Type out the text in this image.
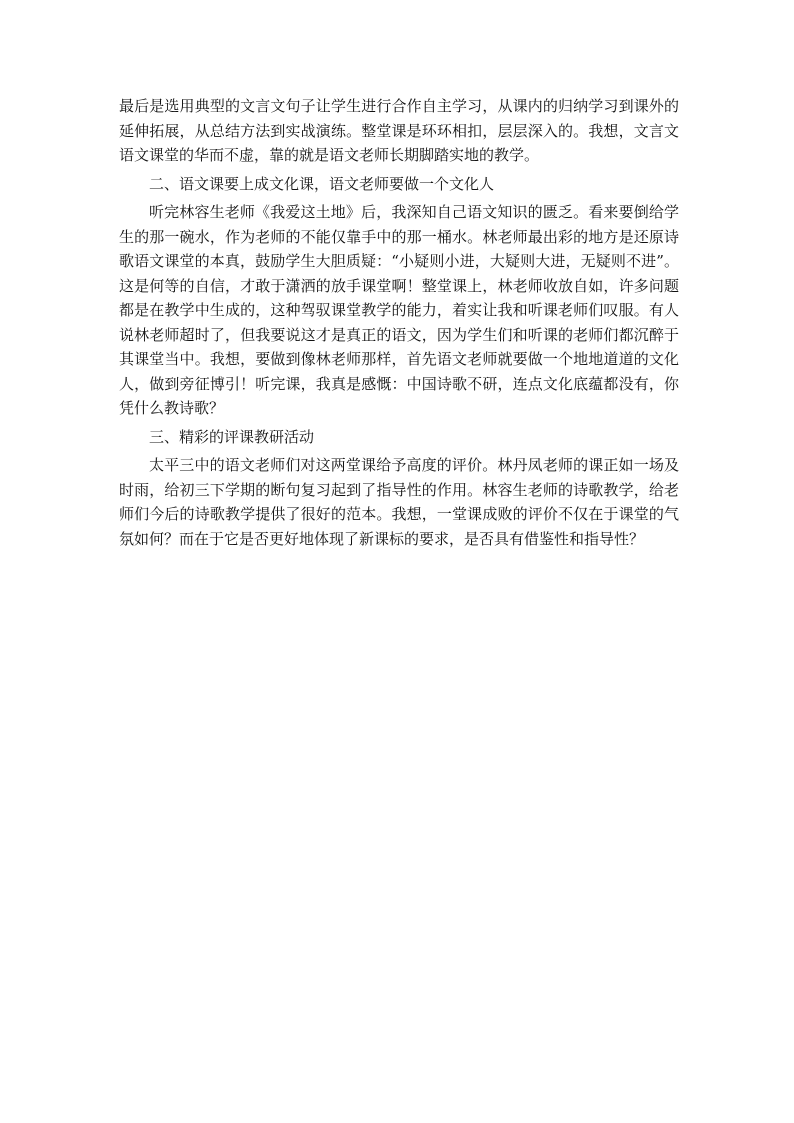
最后是选用典型的文言文句子让学生进行合作自主学习，从课内的归纳学习到课外的延伸拓展，从总结方法到实战演练。整堂课是环环相扣，层层深入的。我想，文言文语文课堂的华而不虚，靠的就是语文老师长期脚踏实地的教学。

二、语文课要上成文化课，语文老师要做一个文化人

听完林容生老师《我爱这土地》后，我深知自己语文知识的匮乏。看来要倒给学生的那一碗水，作为老师的不能仅靠手中的那一桶水。林老师最出彩的地方是还原诗歌语文课堂的本真，鼓励学生大胆质疑：“小疑则小进，大疑则大进，无疑则不进”。这是何等的自信，才敢于潇洒的放手课堂啊！整堂课上，林老师收放自如，许多问题都是在教学中生成的，这种驾驭课堂教学的能力，着实让我和听课老师们叹服。有人说林老师超时了，但我要说这才是真正的语文，因为学生们和听课的老师们都沉醉于其课堂当中。我想，要做到像林老师那样，首先语文老师就要做一个地地道道的文化人，做到旁征博引！听完课，我真是感慨：中国诗歌不研，连点文化底蕴都没有，你凭什么教诗歌？

三、精彩的评课教研活动

太平三中的语文老师们对这两堂课给予高度的评价。林丹凤老师的课正如一场及时雨，给初三下学期的断句复习起到了指导性的作用。林容生老师的诗歌教学，给老师们今后的诗歌教学提供了很好的范本。我想，一堂课成败的评价不仅在于课堂的气氛如何？而在于它是否更好地体现了新课标的要求，是否具有借鉴性和指导性？
